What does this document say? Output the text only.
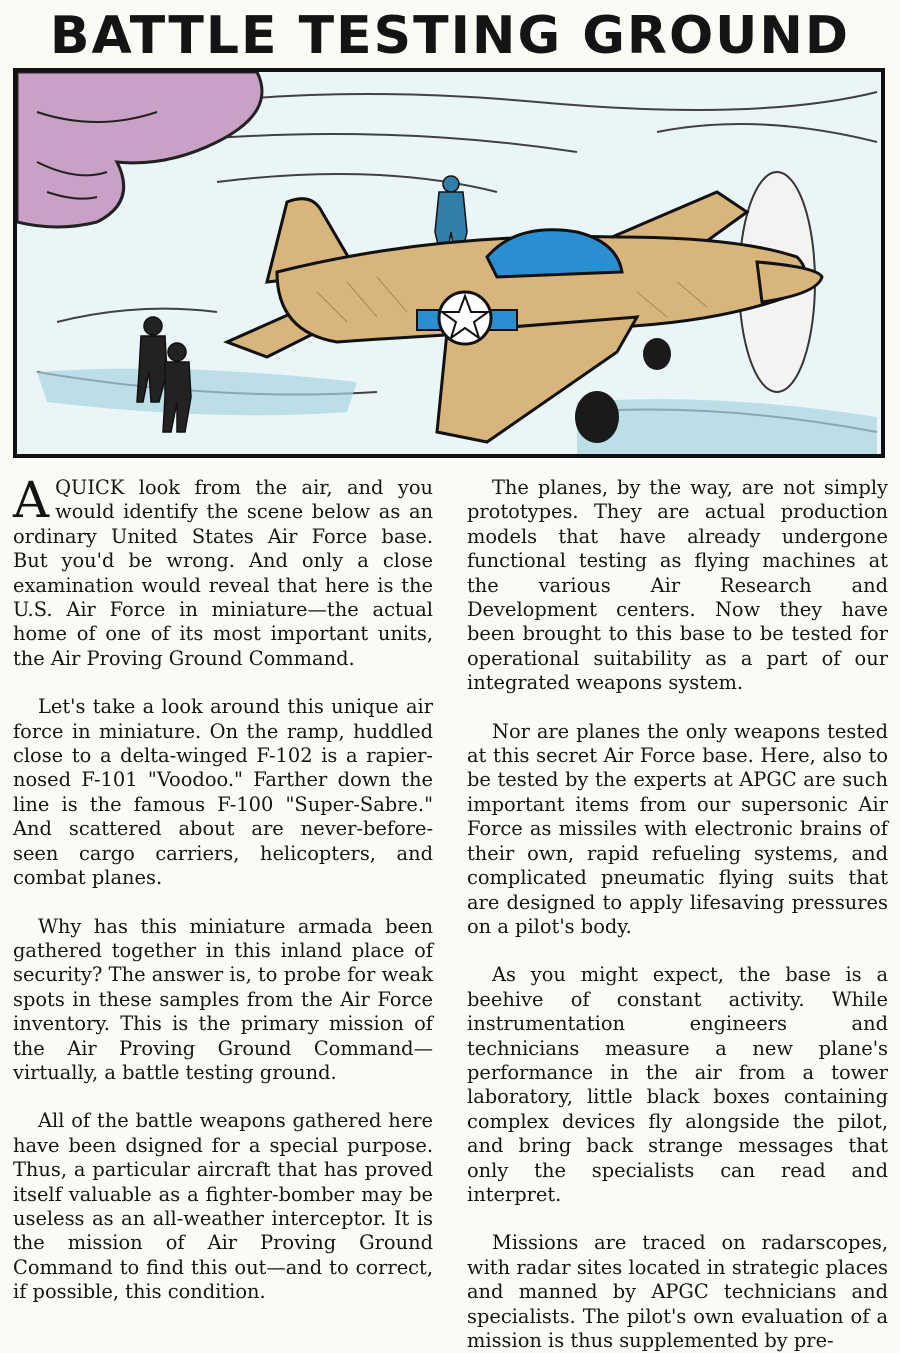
BATTLE TESTING GROUND

A QUICK look from the air, and you would identify the scene below as an ordinary United States Air Force base. But you'd be wrong. And only a close examination would reveal that here is the U.S. Air Force in miniature—the actual home of one of its most important units, the Air Proving Ground Command.

Let's take a look around this unique air force in miniature. On the ramp, huddled close to a delta-winged F-102 is a rapier-nosed F-101 "Voodoo." Farther down the line is the famous F-100 "Super-Sabre." And scattered about are never-before-seen cargo carriers, helicopters, and combat planes.

Why has this miniature armada been gathered together in this inland place of security? The answer is, to probe for weak spots in these samples from the Air Force inventory. This is the primary mission of the Air Proving Ground Command—virtually, a battle testing ground.

All of the battle weapons gathered here have been dsigned for a special purpose. Thus, a particular aircraft that has proved itself valuable as a fighter-bomber may be useless as an all-weather interceptor. It is the mission of Air Proving Ground Command to find this out—and to correct, if possible, this condition.

The planes, by the way, are not simply prototypes. They are actual production models that have already undergone functional testing as flying machines at the various Air Research and Development centers. Now they have been brought to this base to be tested for operational suitability as a part of our integrated weapons system.

Nor are planes the only weapons tested at this secret Air Force base. Here, also to be tested by the experts at APGC are such important items from our supersonic Air Force as missiles with electronic brains of their own, rapid refueling systems, and complicated pneumatic flying suits that are designed to apply lifesaving pressures on a pilot's body.

As you might expect, the base is a beehive of constant activity. While instrumentation engineers and technicians measure a new plane's performance in the air from a tower laboratory, little black boxes containing complex devices fly alongside the pilot, and bring back strange messages that only the specialists can read and interpret.

Missions are traced on radarscopes, with radar sites located in strategic places and manned by APGC technicians and specialists. The pilot's own evaluation of a mission is thus supplemented by pre-
